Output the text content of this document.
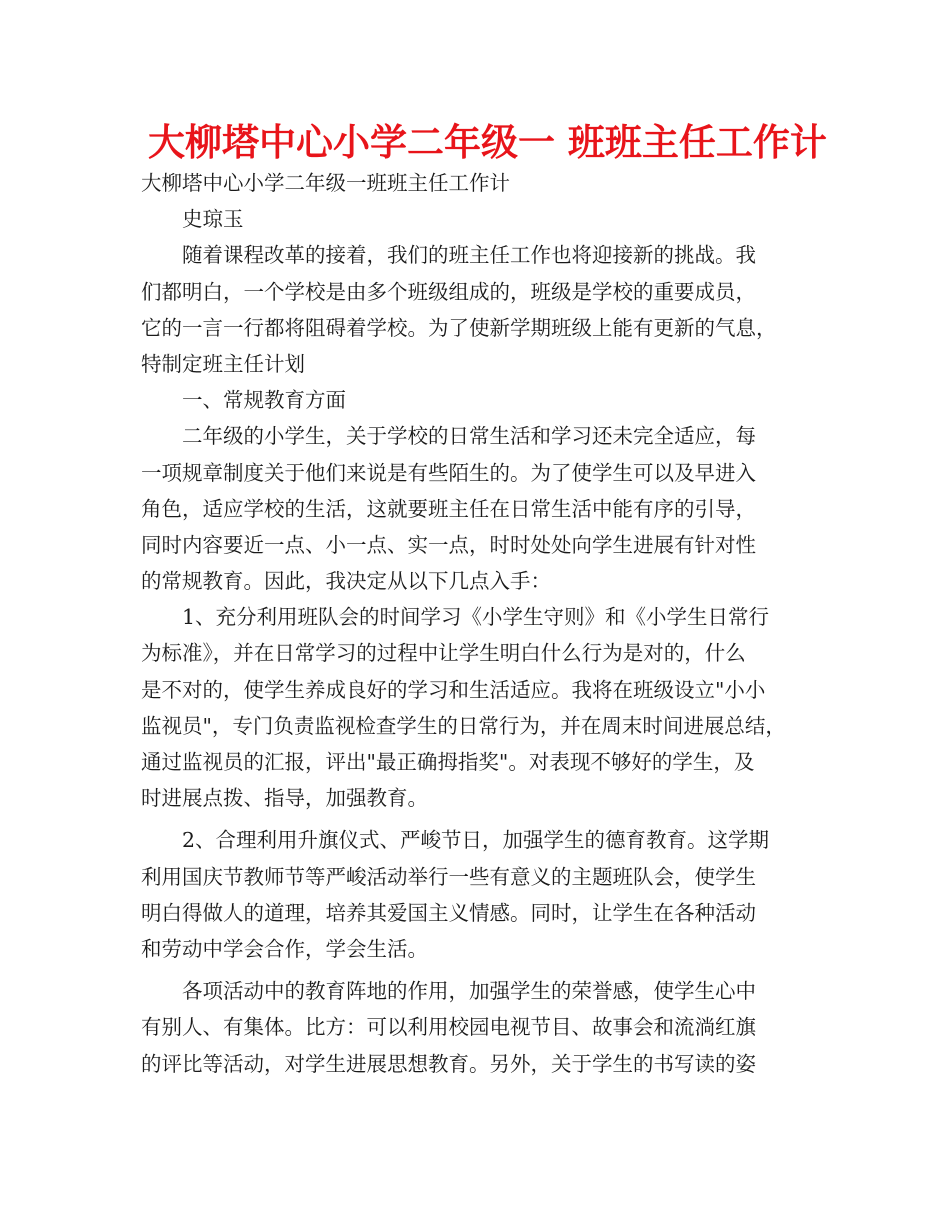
大柳塔中心小学二年级一 班班主任工作计
大柳塔中心小学二年级一班班主任工作计
史琼玉
随着课程改革的接着，我们的班主任工作也将迎接新的挑战。我
们都明白，一个学校是由多个班级组成的，班级是学校的重要成员，
它的一言一行都将阻碍着学校。为了使新学期班级上能有更新的气息，
特制定班主任计划
一、常规教育方面
二年级的小学生，关于学校的日常生活和学习还未完全适应，每
一项规章制度关于他们来说是有些陌生的。为了使学生可以及早进入
角色，适应学校的生活，这就要班主任在日常生活中能有序的引导，
同时内容要近一点、小一点、实一点，时时处处向学生进展有针对性
的常规教育。因此，我决定从以下几点入手：
1、充分利用班队会的时间学习《小学生守则》和《小学生日常行
为标准》，并在日常学习的过程中让学生明白什么行为是对的，什么
是不对的，使学生养成良好的学习和生活适应。我将在班级设立"小小
监视员"，专门负责监视检查学生的日常行为，并在周末时间进展总结，
通过监视员的汇报，评出"最正确拇指奖"。对表现不够好的学生，及
时进展点拨、指导，加强教育。
2、合理利用升旗仪式、严峻节日，加强学生的德育教育。这学期
利用国庆节教师节等严峻活动举行一些有意义的主题班队会，使学生
明白得做人的道理，培养其爱国主义情感。同时，让学生在各种活动
和劳动中学会合作，学会生活。
各项活动中的教育阵地的作用，加强学生的荣誉感，使学生心中
有别人、有集体。比方：可以利用校园电视节目、故事会和流淌红旗
的评比等活动，对学生进展思想教育。另外，关于学生的书写读的姿
